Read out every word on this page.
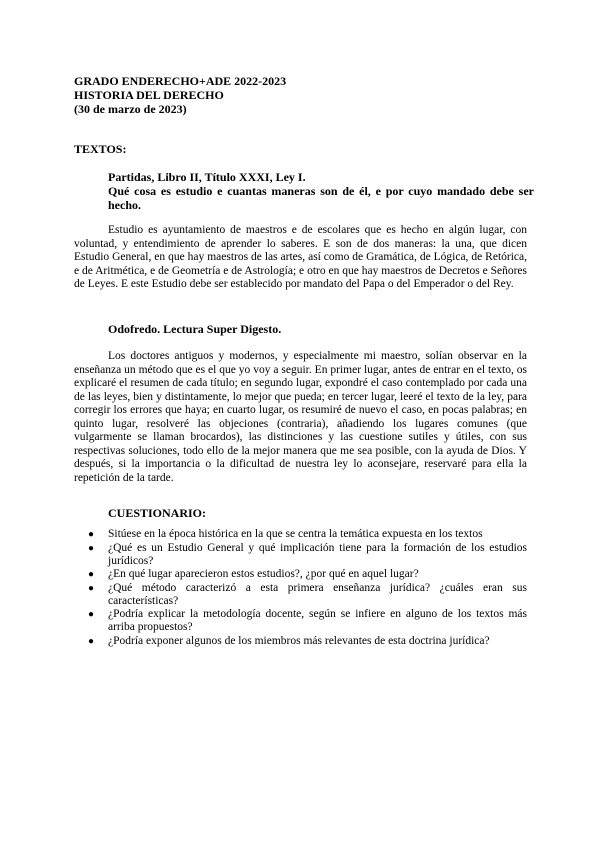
GRADO ENDERECHO+ADE 2022-2023
HISTORIA DEL DERECHO
(30 de marzo de 2023)
TEXTOS:
Partidas, Libro II, Título XXXI, Ley I.
Qué cosa es estudio e cuantas maneras son de él, e por cuyo mandado debe ser hecho.

Estudio es ayuntamiento de maestros e de escolares que es hecho en algún lugar, con voluntad, y entendimiento de aprender lo saberes. E son de dos maneras: la una, que dicen Estudio General, en que hay maestros de las artes, así como de Gramática, de Lógica, de Retórica, e de Aritmética, e de Geometría e de Astrología; e otro en que hay maestros de Decretos e Señores de Leyes. E este Estudio debe ser establecido por mandato del Papa o del Emperador o del Rey.

Odofredo. Lectura Super Digesto.

Los doctores antiguos y modernos, y especialmente mi maestro, solían observar en la enseñanza un método que es el que yo voy a seguir. En primer lugar, antes de entrar en el texto, os explicaré el resumen de cada título; en segundo lugar, expondré el caso contemplado por cada una de las leyes, bien y distintamente, lo mejor que pueda; en tercer lugar, leeré el texto de la ley, para corregir los errores que haya; en cuarto lugar, os resumiré de nuevo el caso, en pocas palabras; en quinto lugar, resolveré las objeciones (contraria), añadiendo los lugares comunes (que vulgarmente se llaman brocardos), las distinciones y las cuestione sutiles y útiles, con sus respectivas soluciones, todo ello de la mejor manera que me sea posible, con la ayuda de Dios. Y después, si la importancia o la dificultad de nuestra ley lo aconsejare, reservaré para ella la repetición de la tarde.

CUESTIONARIO:
● Sitúese en la época histórica en la que se centra la temática expuesta en los textos
● ¿Qué es un Estudio General y qué implicación tiene para la formación de los estudios jurídicos?
● ¿En qué lugar aparecieron estos estudios?, ¿por qué en aquel lugar?
● ¿Qué método caracterizó a esta primera enseñanza jurídica? ¿cuáles eran sus características?
● ¿Podría explicar la metodología docente, según se infiere en alguno de los textos más arriba propuestos?
● ¿Podría exponer algunos de los miembros más relevantes de esta doctrina jurídica?
